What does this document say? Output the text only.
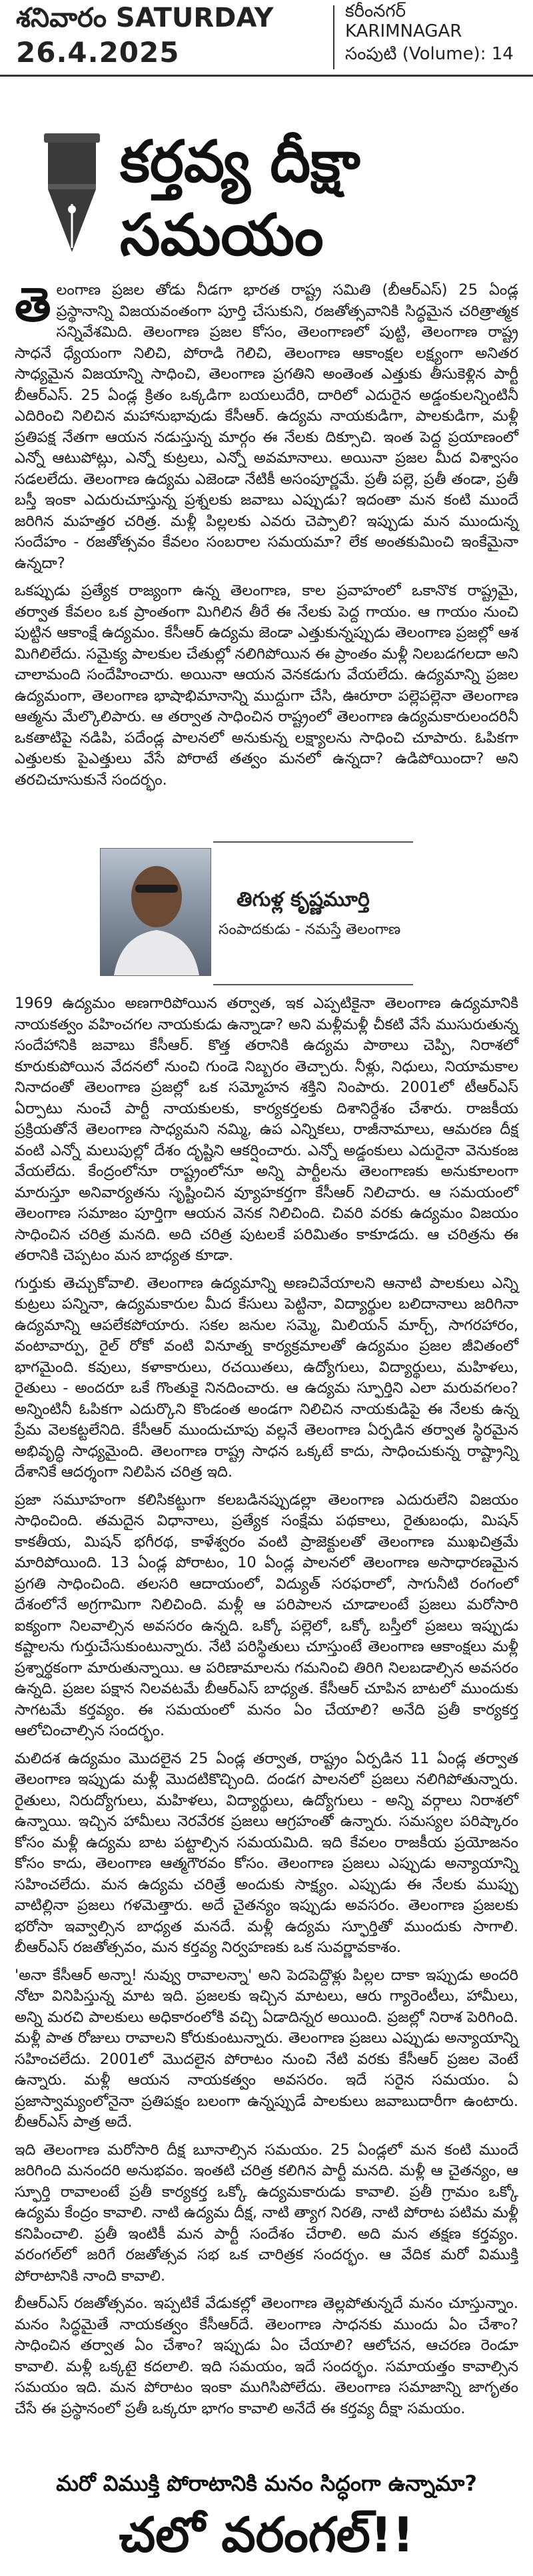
శనివారం SATURDAY
26.4.2025
కరీంనగర్
KARIMNAGAR
సంపుటి (Volume): 14
కర్తవ్య దీక్షా
సమయం
తెలంగాణ ప్రజల తోడు నీడగా భారత రాష్ట్ర సమితి (బీఆర్‌ఎస్) 25 ఏండ్ల ప్రస్థానాన్ని విజయవంతంగా పూర్తి చేసుకుని, రజతోత్సవానికి సిద్ధమైన చరిత్రాత్మక సన్నివేశమిది. తెలంగాణ ప్రజల కోసం, తెలంగాణలో పుట్టి, తెలంగాణ రాష్ట్ర సాధనే ధ్యేయంగా నిలిచి, పోరాడి గెలిచి, తెలంగాణ ఆకాంక్షల లక్ష్యంగా అనితర సాధ్యమైన విజయాన్ని సాధించి, తెలంగాణ ప్రగతిని అంతెంత ఎత్తుకు తీసుకెళ్లిన పార్టీ బీఆర్‌ఎస్. 25 ఏండ్ల క్రితం ఒక్కడిగా బయలుదేరి, దారిలో ఎదురైన అడ్డంకులన్నింటినీ ఎదిరించి నిలిచిన మహానుభావుడు కేసీఆర్. ఉద్యమ నాయకుడిగా, పాలకుడిగా, మళ్లీ ప్రతిపక్ష నేతగా ఆయన నడుస్తున్న మార్గం ఈ నేలకు దిక్సూచి. ఇంత పెద్ద ప్రయాణంలో ఎన్నో ఆటుపోట్లు, ఎన్నో కుట్రలు, ఎన్నో అవమానాలు. అయినా ప్రజల మీద విశ్వాసం సడలలేదు. తెలంగాణ ఉద్యమ ఎజెండా నేటికీ అసంపూర్ణమే. ప్రతీ పల్లె, ప్రతీ తండా, ప్రతీ బస్తీ ఇంకా ఎదురుచూస్తున్న ప్రశ్నలకు జవాబు ఎప్పుడు? ఇదంతా మన కంటి ముందే జరిగిన మహత్తర చరిత్ర. మళ్లీ పిల్లలకు ఎవరు చెప్పాలి? ఇప్పుడు మన ముందున్న సందేహం - రజతోత్సవం కేవలం సంబరాల సమయమా? లేక అంతకుమించి ఇంకేమైనా ఉన్నదా?
ఒకప్పుడు ప్రత్యేక రాజ్యంగా ఉన్న తెలంగాణ, కాల ప్రవాహంలో ఒకానొక రాష్ట్రమై, తర్వాత కేవలం ఒక ప్రాంతంగా మిగిలిన తీరే ఈ నేలకు పెద్ద గాయం. ఆ గాయం నుంచి పుట్టిన ఆకాంక్షే ఉద్యమం. కేసీఆర్ ఉద్యమ జెండా ఎత్తుకున్నప్పుడు తెలంగాణ ప్రజల్లో ఆశ మిగిలిలేదు. సమైక్య పాలకుల చేతుల్లో నలిగిపోయిన ఈ ప్రాంతం మళ్లీ నిలబడగలదా అని చాలామంది సందేహించారు. అయినా ఆయన వెనకడుగు వేయలేదు. ఉద్యమాన్ని ప్రజల ఉద్యమంగా, తెలంగాణ భాషాభిమానాన్ని ముద్దుగా చేసి, ఊరూరా పల్లెపల్లెనా తెలంగాణ ఆత్మను మేల్కొలిపారు. ఆ తర్వాత సాధించిన రాష్ట్రంలో తెలంగాణ ఉద్యమకారులందరినీ ఒకతాటిపై నడిపి, పదేండ్ల పాలనలో అనుకున్న లక్ష్యాలను సాధించి చూపారు. ఓపికగా ఎత్తులకు పైఎత్తులు వేసే పోరాటే తత్వం మనలో ఉన్నదా? ఉడిపోయిందా? అని తరచిచూసుకునే సందర్భం.
తిగుళ్ల కృష్ణమూర్తి
సంపాదకుడు - నమస్తే తెలంగాణ
1969 ఉద్యమం అణగారిపోయిన తర్వాత, ఇక ఎప్పటికైనా తెలంగాణ ఉద్యమానికి నాయకత్వం వహించగల నాయకుడు ఉన్నాడా? అని మళ్లీమళ్లీ చీకటి వేసే ముసురుతున్న సందేహానికి జవాబు కేసీఆర్. కొత్త తరానికి ఉద్యమ పాఠాలు చెప్పి, నిరాశలో కూరుకుపోయిన వేదనలో నుంచి గుండె నిబ్బరం తెచ్చారు. నీళ్లు, నిధులు, నియామకాల నినాదంతో తెలంగాణ ప్రజల్లో ఒక సమ్మోహన శక్తిని నింపారు. 2001లో టీఆర్‌ఎస్ ఏర్పాటు నుంచే పార్టీ నాయకులకు, కార్యకర్తలకు దిశానిర్దేశం చేశారు. రాజకీయ ప్రక్రియతోనే తెలంగాణ సాధ్యమని నమ్మి, ఉప ఎన్నికలు, రాజీనామాలు, ఆమరణ దీక్ష వంటి ఎన్నో మలుపుల్లో దేశం దృష్టిని ఆకర్షించారు. ఎన్నో అడ్డంకులు ఎదురైనా వెనుకంజ వేయలేదు. కేంద్రంలోనూ రాష్ట్రంలోనూ అన్ని పార్టీలను తెలంగాణకు అనుకూలంగా మారుస్తూ అనివార్యతను సృష్టించిన వ్యూహకర్తగా కేసీఆర్ నిలిచారు. ఆ సమయంలో తెలంగాణ సమాజం పూర్తిగా ఆయన వెనక నిలిచింది. చివరి వరకు ఉద్యమం విజయం సాధించిన చరిత్ర మనది. అది చరిత్ర పుటలకే పరిమితం కాకూడదు. ఆ చరిత్రను ఈ తరానికి చెప్పటం మన బాధ్యత కూడా.
గుర్తుకు తెచ్చుకోవాలి. తెలంగాణ ఉద్యమాన్ని అణచివేయాలని ఆనాటి పాలకులు ఎన్ని కుట్రలు పన్నినా, ఉద్యమకారుల మీద కేసులు పెట్టినా, విద్యార్థుల బలిదానాలు జరిగినా ఉద్యమాన్ని ఆపలేకపోయారు. సకల జనుల సమ్మె, మిలియన్ మార్చ్, సాగరహారం, వంటావార్పు, రైల్ రోకో వంటి వినూత్న కార్యక్రమాలతో ఉద్యమం ప్రజల జీవితంలో భాగమైంది. కవులు, కళాకారులు, రచయితలు, ఉద్యోగులు, విద్యార్థులు, మహిళలు, రైతులు - అందరూ ఒకే గొంతుకై నినదించారు. ఆ ఉద్యమ స్ఫూర్తిని ఎలా మరువగలం? అన్నింటినీ ఓపికగా ఎదుర్కొని కొండంత అండగా నిలిచిన నాయకుడిపై ఈ నేలకు ఉన్న ప్రేమ వెలకట్టలేనిది. కేసీఆర్ ముందుచూపు వల్లనే తెలంగాణ ఏర్పడిన తర్వాత స్థిరమైన అభివృద్ధి సాధ్యమైంది. తెలంగాణ రాష్ట్ర సాధన ఒక్కటే కాదు, సాధించుకున్న రాష్ట్రాన్ని దేశానికే ఆదర్శంగా నిలిపిన చరిత్ర ఇది.
ప్రజా సమూహంగా కలిసికట్టుగా కలబడినప్పుడల్లా తెలంగాణ ఎదురులేని విజయం సాధించింది. తమదైన విధానాలు, ప్రత్యేక సంక్షేమ పథకాలు, రైతుబంధు, మిషన్ కాకతీయ, మిషన్ భగీరథ, కాళేశ్వరం వంటి ప్రాజెక్టులతో తెలంగాణ ముఖచిత్రమే మారిపోయింది. 13 ఏండ్ల పోరాటం, 10 ఏండ్ల పాలనలో తెలంగాణ అసాధారణమైన ప్రగతి సాధించింది. తలసరి ఆదాయంలో, విద్యుత్ సరఫరాలో, సాగునీటి రంగంలో దేశంలోనే అగ్రగామిగా నిలిచింది. మళ్లీ ఆ పరిపాలన చూడాలంటే ప్రజలు మరోసారి ఐక్యంగా నిలవాల్సిన అవసరం ఉన్నది. ఒక్కో పల్లెలో, ఒక్కో బస్తీలో ప్రజలు ఇప్పుడు కష్టాలను గుర్తుచేసుకుంటున్నారు. నేటి పరిస్థితులు చూస్తుంటే తెలంగాణ ఆకాంక్షలు మళ్లీ ప్రశ్నార్థకంగా మారుతున్నాయి. ఆ పరిణామాలను గమనించి తిరిగి నిలబడాల్సిన అవసరం ఉన్నది. ప్రజల పక్షాన నిలవటమే బీఆర్‌ఎస్ బాధ్యత. కేసీఆర్ చూపిన బాటలో ముందుకు సాగటమే కర్తవ్యం. ఈ సమయంలో మనం ఏం చేయాలి? అనేది ప్రతీ కార్యకర్త ఆలోచించాల్సిన సందర్భం.
మలిదశ ఉద్యమం మొదలైన 25 ఏండ్ల తర్వాత, రాష్ట్రం ఏర్పడిన 11 ఏండ్ల తర్వాత తెలంగాణ ఇప్పుడు మళ్లీ మొదటికొచ్చింది. దండగ పాలనలో ప్రజలు నలిగిపోతున్నారు. రైతులు, నిరుద్యోగులు, మహిళలు, విద్యార్థులు, ఉద్యోగులు - అన్ని వర్గాలు నిరాశలో ఉన్నాయి. ఇచ్చిన హామీలు నెరవేరక ప్రజలు ఆగ్రహంతో ఉన్నారు. సమస్యల పరిష్కారం కోసం మళ్లీ ఉద్యమ బాట పట్టాల్సిన సమయమిది. ఇది కేవలం రాజకీయ ప్రయోజనం కోసం కాదు, తెలంగాణ ఆత్మగౌరవం కోసం. తెలంగాణ ప్రజలు ఎప్పుడు అన్యాయాన్ని సహించలేదు. మన ఉద్యమ చరిత్రే అందుకు సాక్ష్యం. ఎప్పుడు ఈ నేలకు ముప్పు వాటిల్లినా ప్రజలు గళమెత్తారు. అదే చైతన్యం ఇప్పుడు అవసరం. తెలంగాణ ప్రజలకు భరోసా ఇవ్వాల్సిన బాధ్యత మనదే. మళ్లీ ఉద్యమ స్ఫూర్తితో ముందుకు సాగాలి. బీఆర్‌ఎస్ రజతోత్సవం, మన కర్తవ్య నిర్వహణకు ఒక సువర్ణావకాశం.
'అనా కేసీఆర్ అన్నా! నువ్వు రావాలన్నా' అని పెదపెద్దొళ్లు పిల్లల దాకా ఇప్పుడు అందరి నోటా వినిపిస్తున్న మాట ఇది. ప్రజలకు ఇచ్చిన మాటలు, ఆరు గ్యారెంటీలు, హామీలు, అన్ని మరచి పాలకులు అధికారంలోకి వచ్చి ఏడాదిన్నర అయింది. ప్రజల్లో నిరాశ పెరిగింది. మళ్లీ పాత రోజులు రావాలని కోరుకుంటున్నారు. తెలంగాణ ప్రజలు ఎప్పుడు అన్యాయాన్ని సహించలేదు. 2001లో మొదలైన పోరాటం నుంచి నేటి వరకు కేసీఆర్ ప్రజల వెంటే ఉన్నారు. మళ్లీ ఆయన నాయకత్వం అవసరం. ఇదే సరైన సమయం. ఏ ప్రజాస్వామ్యంలోనైనా ప్రతిపక్షం బలంగా ఉన్నప్పుడే పాలకులు జవాబుదారీగా ఉంటారు. బీఆర్‌ఎస్ పాత్ర అదే.
ఇది తెలంగాణ మరోసారి దీక్ష బూనాల్సిన సమయం. 25 ఏండ్లలో మన కంటి ముందే జరిగింది మనందరి అనుభవం. ఇంతటి చరిత్ర కలిగిన పార్టీ మనది. మళ్లీ ఆ చైతన్యం, ఆ స్ఫూర్తి రావాలంటే ప్రతీ కార్యకర్త ఒక్కో ఉద్యమకారుడు కావాలి. ప్రతీ గ్రామం ఒక్కో ఉద్యమ కేంద్రం కావాలి. నాటి ఉద్యమ దీక్ష, నాటి త్యాగ నిరతి, నాటి పోరాట పటిమ మళ్లీ కనిపించాలి. ప్రతీ ఇంటికీ మన పార్టీ సందేశం చేరాలి. అది మన తక్షణ కర్తవ్యం. వరంగల్‌లో జరిగే రజతోత్సవ సభ ఒక చారిత్రక సందర్భం. ఆ వేదిక మరో విముక్తి పోరాటానికి నాంది కావాలి.
బీఆర్‌ఎస్ రజతోత్సవం. ఇప్పటికే వేడుకల్లో తెలంగాణ తెల్లపోతున్నదే మనం చూస్తున్నాం. మనం సిద్ధమైతే నాయకత్వం కేసీఆర్‌దే. తెలంగాణ సాధనకు ముందు ఏం చేశాం? సాధించిన తర్వాత ఏం చేశాం? ఇప్పుడు ఏం చేయాలి? ఆలోచన, ఆచరణ రెండూ కావాలి. మళ్లీ ఒక్కటై కదలాలి. ఇది సమయం, ఇదే సందర్భం. సమాయత్తం కావాల్సిన సమయం ఇది. మన పోరాటం ఇంకా ముగిసిపోలేదు. తెలంగాణ సమాజాన్ని జాగృతం చేసే ఈ ప్రస్థానంలో ప్రతీ ఒక్కరూ భాగం కావాలి అనేదే ఈ కర్తవ్య దీక్షా సమయం.
మరో విముక్తి పోరాటానికి మనం సిద్ధంగా ఉన్నామా?
చలో వరంగల్!!
